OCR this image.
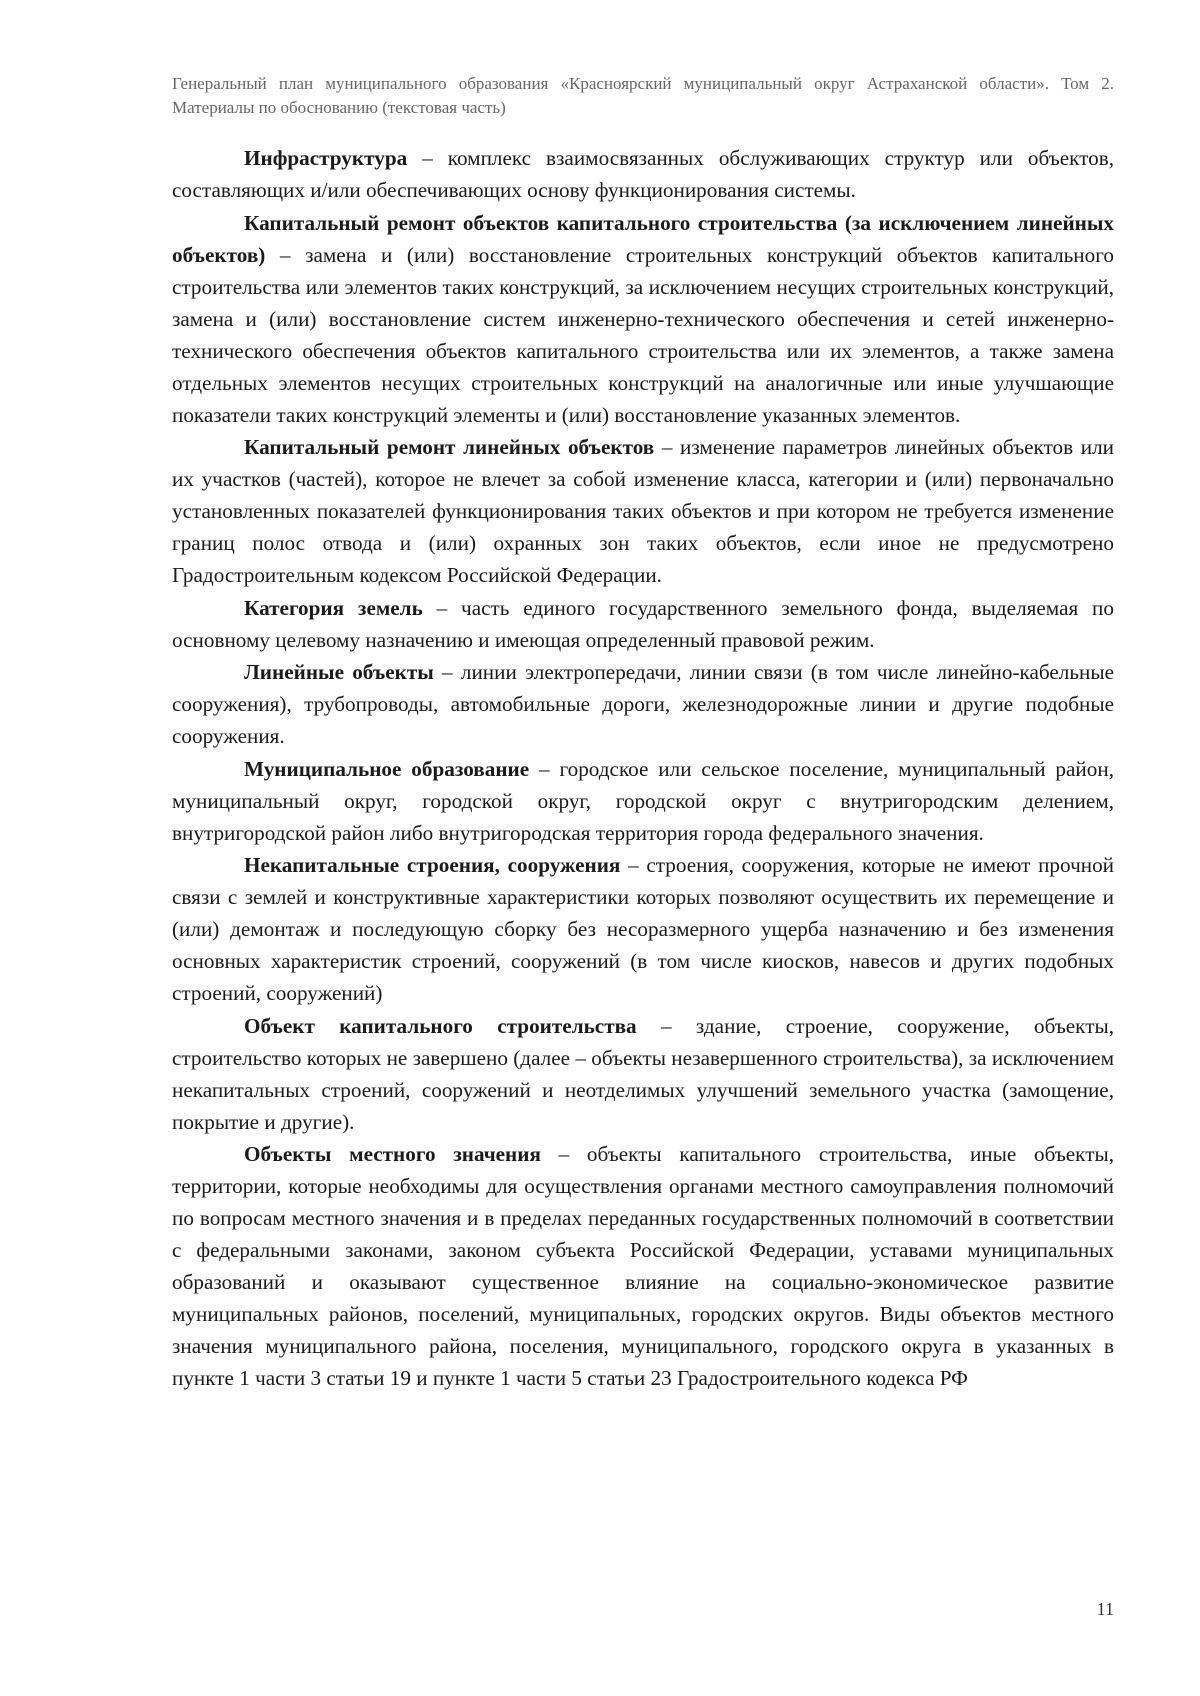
Генеральный план муниципального образования «Красноярский муниципальный округ Астраханской области». Том 2. Материалы по обоснованию (текстовая часть)

Инфраструктура – комплекс взаимосвязанных обслуживающих структур или объектов, составляющих и/или обеспечивающих основу функционирования системы.

Капитальный ремонт объектов капитального строительства (за исключением линейных объектов) – замена и (или) восстановление строительных конструкций объектов капитального строительства или элементов таких конструкций, за исключением несущих строительных конструкций, замена и (или) восстановление систем инженерно-технического обеспечения и сетей инженерно-технического обеспечения объектов капитального строительства или их элементов, а также замена отдельных элементов несущих строительных конструкций на аналогичные или иные улучшающие показатели таких конструкций элементы и (или) восстановление указанных элементов.

Капитальный ремонт линейных объектов – изменение параметров линейных объектов или их участков (частей), которое не влечет за собой изменение класса, категории и (или) первоначально установленных показателей функционирования таких объектов и при котором не требуется изменение границ полос отвода и (или) охранных зон таких объектов, если иное не предусмотрено Градостроительным кодексом Российской Федерации.

Категория земель – часть единого государственного земельного фонда, выделяемая по основному целевому назначению и имеющая определенный правовой режим.

Линейные объекты – линии электропередачи, линии связи (в том числе линейно-кабельные сооружения), трубопроводы, автомобильные дороги, железнодорожные линии и другие подобные сооружения.

Муниципальное образование – городское или сельское поселение, муниципальный район, муниципальный округ, городской округ, городской округ с внутригородским делением, внутригородской район либо внутригородская территория города федерального значения.

Некапитальные строения, сооружения – строения, сооружения, которые не имеют прочной связи с землей и конструктивные характеристики которых позволяют осуществить их перемещение и (или) демонтаж и последующую сборку без несоразмерного ущерба назначению и без изменения основных характеристик строений, сооружений (в том числе киосков, навесов и других подобных строений, сооружений)

Объект капитального строительства – здание, строение, сооружение, объекты, строительство которых не завершено (далее – объекты незавершенного строительства), за исключением некапитальных строений, сооружений и неотделимых улучшений земельного участка (замощение, покрытие и другие).

Объекты местного значения – объекты капитального строительства, иные объекты, территории, которые необходимы для осуществления органами местного самоуправления полномочий по вопросам местного значения и в пределах переданных государственных полномочий в соответствии с федеральными законами, законом субъекта Российской Федерации, уставами муниципальных образований и оказывают существенное влияние на социально-экономическое развитие муниципальных районов, поселений, муниципальных, городских округов. Виды объектов местного значения муниципального района, поселения, муниципального, городского округа в указанных в пункте 1 части 3 статьи 19 и пункте 1 части 5 статьи 23 Градостроительного кодекса РФ

11
